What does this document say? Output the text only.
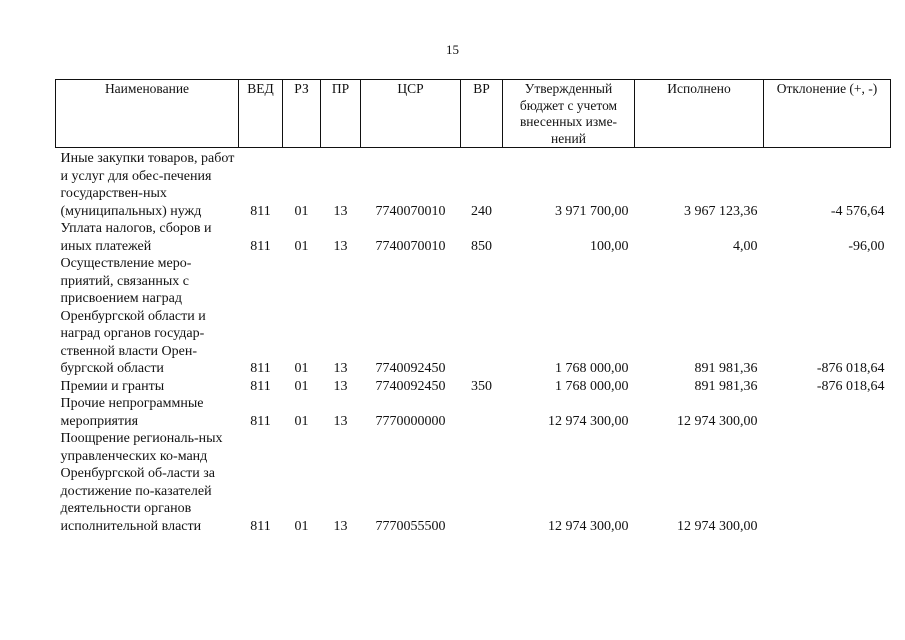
15
Наименование	ВЕД	РЗ	ПР	ЦСР	ВР	Утвержденный бюджет с учетом внесенных изме-нений	Исполнено	Отклонение (+, -)
Иные закупки товаров, работ и услуг для обес-печения государствен-ных (муниципальных) нужд	811	01	13	7740070010	240	3 971 700,00	3 967 123,36	-4 576,64
Уплата налогов, сборов и иных платежей	811	01	13	7740070010	850	100,00	4,00	-96,00
Осуществление меро-приятий, связанных с присвоением наград Оренбургской области и наград органов государ-ственной власти Орен-бургской области	811	01	13	7740092450		1 768 000,00	891 981,36	-876 018,64
Премии и гранты	811	01	13	7740092450	350	1 768 000,00	891 981,36	-876 018,64
Прочие непрограммные мероприятия	811	01	13	7770000000		12 974 300,00	12 974 300,00	
Поощрение региональ-ных управленческих ко-манд Оренбургской об-ласти за достижение по-казателей деятельности органов исполнительной власти	811	01	13	7770055500		12 974 300,00	12 974 300,00	
